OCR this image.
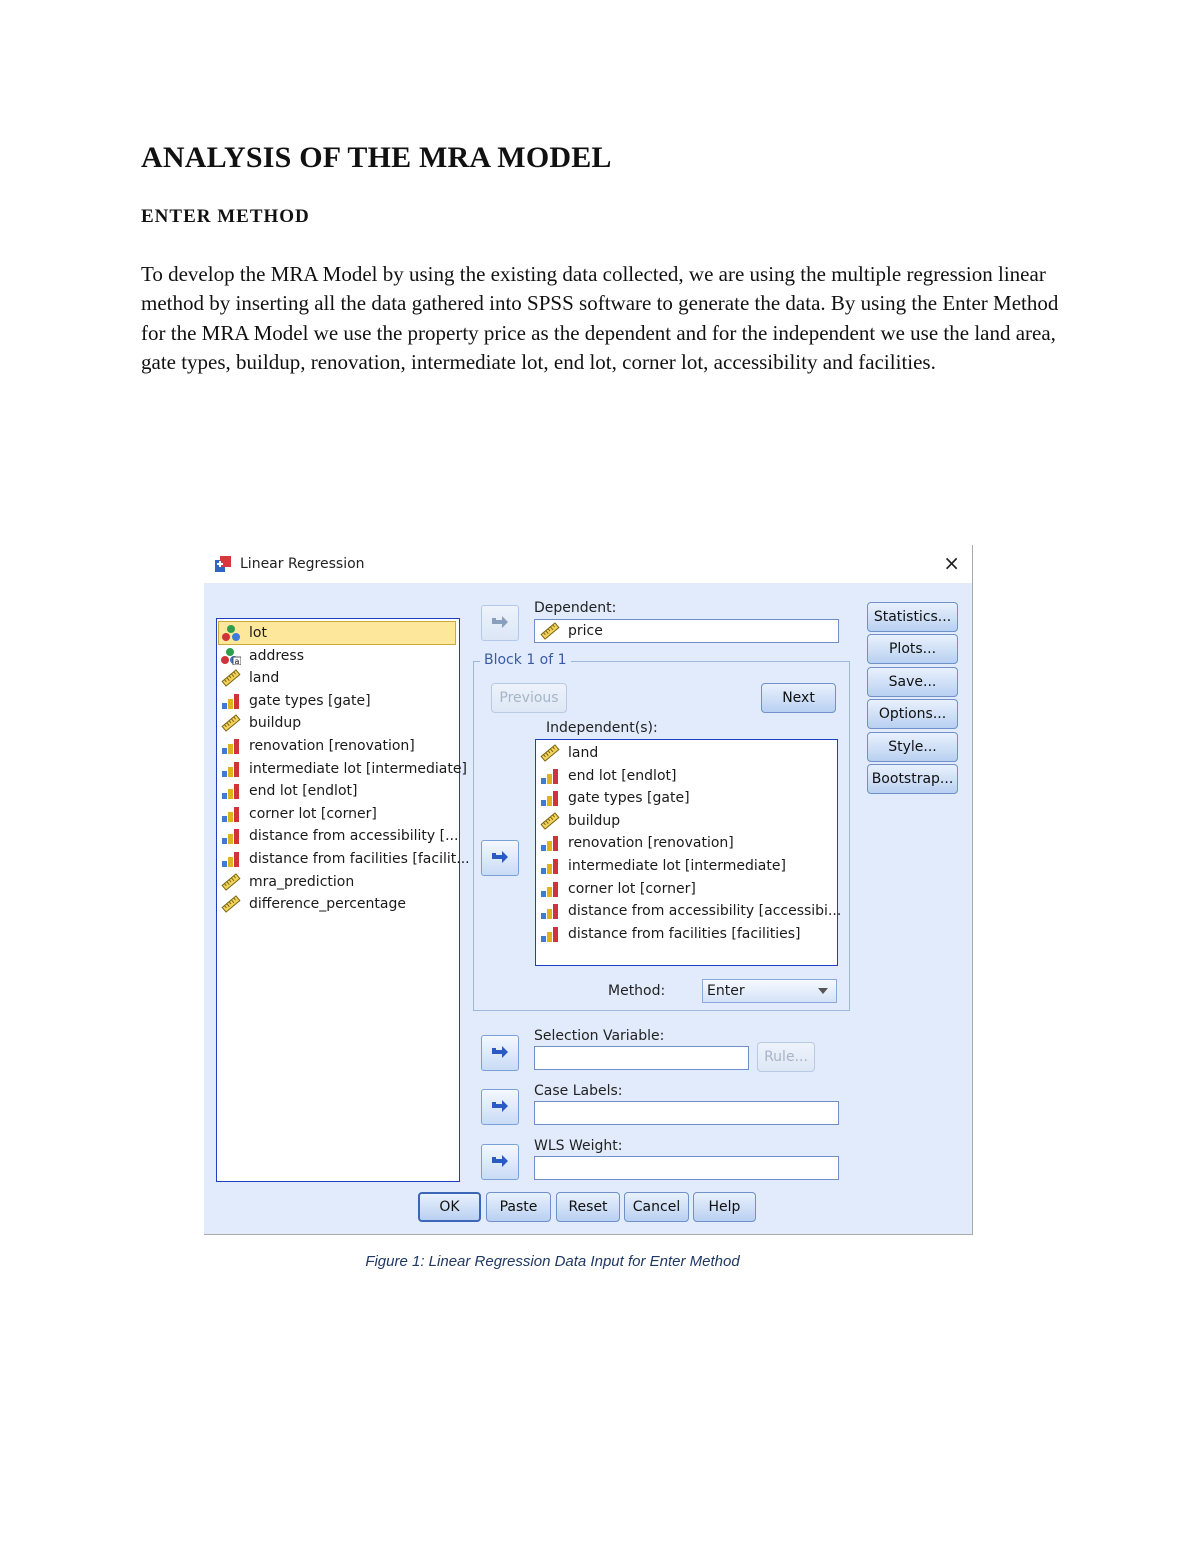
ANALYSIS OF THE MRA MODEL
ENTER METHOD

To develop the MRA Model by using the existing data collected, we are using the multiple regression linear method by inserting all the data gathered into SPSS software to generate the data. By using the Enter Method for the MRA Model we use the property price as the dependent and for the independent we use the land area, gate types, buildup, renovation, intermediate lot, end lot, corner lot, accessibility and facilities.

Linear Regression	×
lot
a address
land
gate types [gate]
buildup
renovation [renovation]
intermediate lot [intermediate]
end lot [endlot]
corner lot [corner]
distance from accessibility [...
distance from facilities [facilit...
mra_prediction
difference_percentage
Dependent:
price
Block 1 of 1
Previous	Next
Independent(s):
land
end lot [endlot]
gate types [gate]
buildup
renovation [renovation]
intermediate lot [intermediate]
corner lot [corner]
distance from accessibility [accessibi...
distance from facilities [facilities]
Method:	Enter
Selection Variable:
Rule...
Case Labels:
WLS Weight:
Statistics...
Plots...
Save...
Options...
Style...
Bootstrap...
OK	Paste	Reset	Cancel	Help
Figure 1: Linear Regression Data Input for Enter Method
